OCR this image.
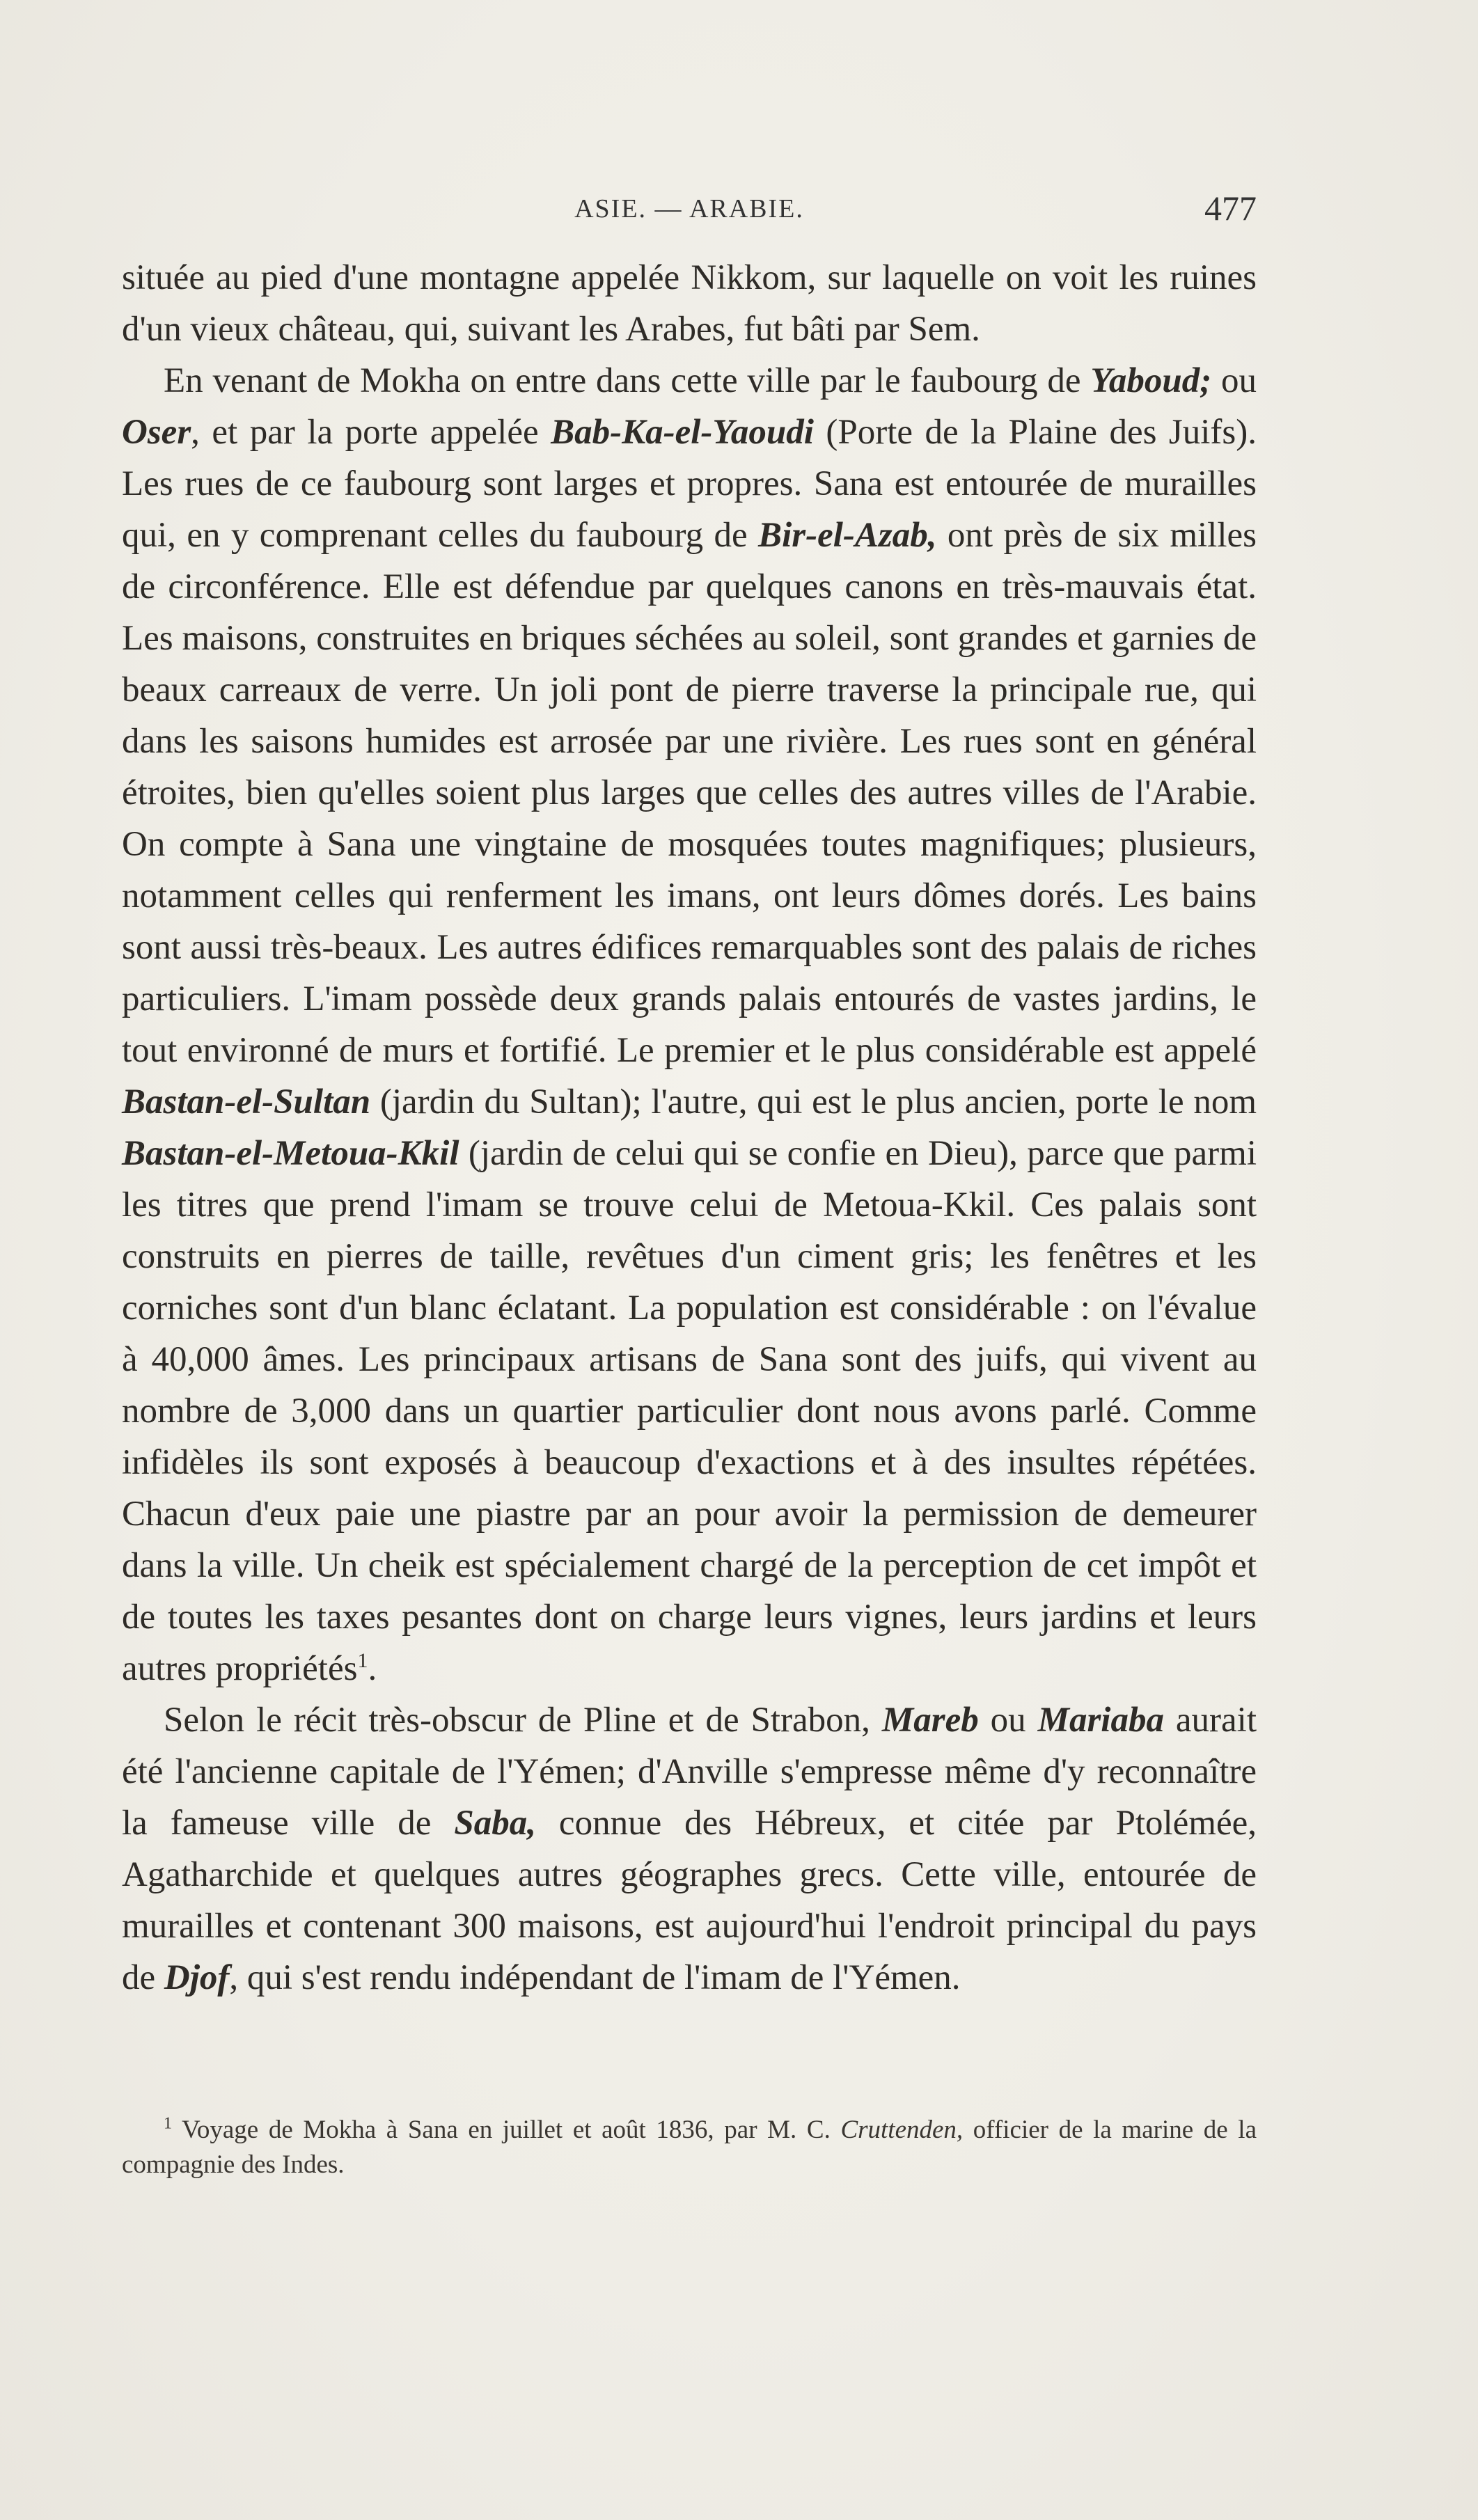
ASIE. — ARABIE.	477

située au pied d'une montagne appelée Nikkom, sur laquelle on voit les ruines d'un vieux château, qui, suivant les Arabes, fut bâti par Sem.

En venant de Mokha on entre dans cette ville par le faubourg de Yaboud; ou Oser, et par la porte appelée Bab-Ka-el-Yaoudi (Porte de la Plaine des Juifs). Les rues de ce faubourg sont larges et propres. Sana est entourée de murailles qui, en y comprenant celles du faubourg de Bir-el-Azab, ont près de six milles de circonférence. Elle est défendue par quelques canons en très-mauvais état. Les maisons, construites en briques séchées au soleil, sont grandes et garnies de beaux carreaux de verre. Un joli pont de pierre traverse la principale rue, qui dans les saisons humides est arrosée par une rivière. Les rues sont en général étroites, bien qu'elles soient plus larges que celles des autres villes de l'Arabie. On compte à Sana une vingtaine de mosquées toutes magnifiques; plusieurs, notamment celles qui renferment les imans, ont leurs dômes dorés. Les bains sont aussi très-beaux. Les autres édifices remarquables sont des palais de riches particuliers. L'imam possède deux grands palais entourés de vastes jardins, le tout environné de murs et fortifié. Le premier et le plus considérable est appelé Bastan-el-Sultan (jardin du Sultan); l'autre, qui est le plus ancien, porte le nom Bastan-el-Metoua-Kkil (jardin de celui qui se confie en Dieu), parce que parmi les titres que prend l'imam se trouve celui de Metoua-Kkil. Ces palais sont construits en pierres de taille, revêtues d'un ciment gris; les fenêtres et les corniches sont d'un blanc éclatant. La population est considérable : on l'évalue à 40,000 âmes. Les principaux artisans de Sana sont des juifs, qui vivent au nombre de 3,000 dans un quartier particulier dont nous avons parlé. Comme infidèles ils sont exposés à beaucoup d'exactions et à des insultes répétées. Chacun d'eux paie une piastre par an pour avoir la permission de demeurer dans la ville. Un cheik est spécialement chargé de la perception de cet impôt et de toutes les taxes pesantes dont on charge leurs vignes, leurs jardins et leurs autres propriétés$^1$.

Selon le récit très-obscur de Pline et de Strabon, Mareb ou Mariaba aurait été l'ancienne capitale de l'Yémen; d'Anville s'empresse même d'y reconnaître la fameuse ville de Saba, connue des Hébreux, et citée par Ptolémée, Agatharchide et quelques autres géographes grecs. Cette ville, entourée de murailles et contenant 300 maisons, est aujourd'hui l'endroit principal du pays de Djof, qui s'est rendu indépendant de l'imam de l'Yémen.

$^1$ Voyage de Mokha à Sana en juillet et août 1836, par M. C. Cruttenden, officier de la marine de la compagnie des Indes.
